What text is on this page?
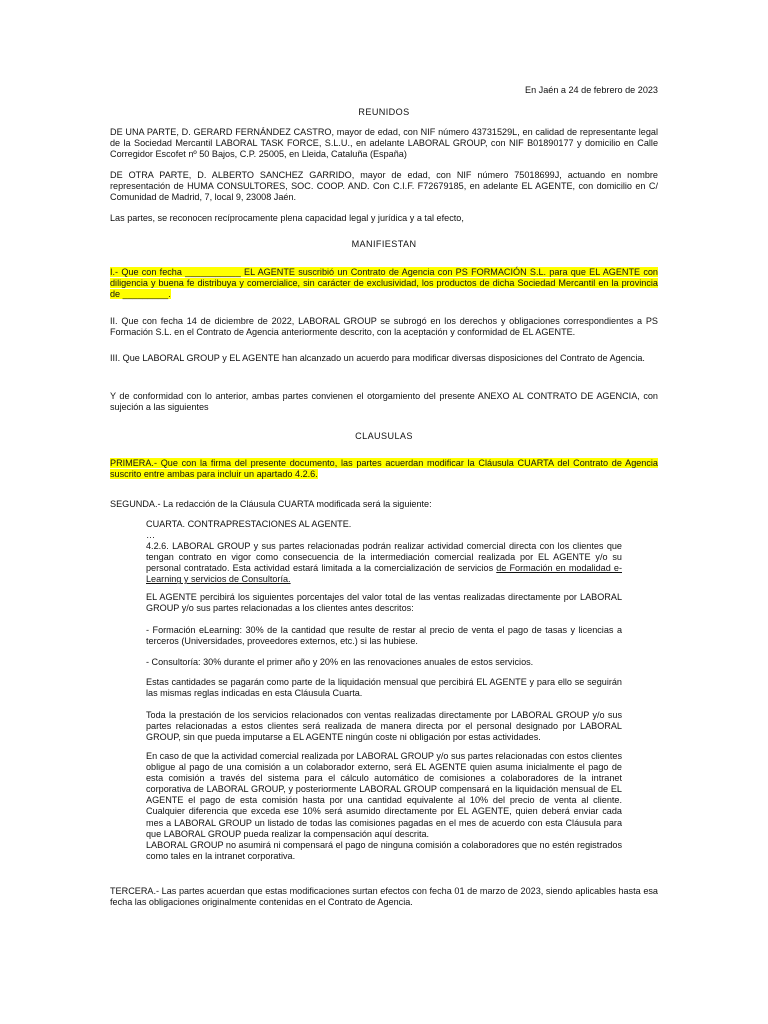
En Jaén a 24 de febrero de 2023

REUNIDOS

DE UNA PARTE, D. GERARD FERNÁNDEZ CASTRO, mayor de edad, con NIF número 43731529L, en calidad de representante legal de la Sociedad Mercantil LABORAL TASK FORCE, S.L.U., en adelante LABORAL GROUP, con NIF B01890177 y domicilio en Calle Corregidor Escofet nº 50 Bajos, C.P. 25005, en Lleida, Cataluña (España)

DE OTRA PARTE, D. ALBERTO SANCHEZ GARRIDO, mayor de edad, con NIF número 75018699J, actuando en nombre representación de HUMA CONSULTORES, SOC. COOP. AND. Con C.I.F. F72679185, en adelante EL AGENTE, con domicilio en C/ Comunidad de Madrid, 7, local 9, 23008 Jaén.

Las partes, se reconocen recíprocamente plena capacidad legal y jurídica y a tal efecto,

MANIFIESTAN

I.- Que con fecha ___________ EL AGENTE suscribió un Contrato de Agencia con PS FORMACIÓN S.L. para que EL AGENTE con diligencia y buena fe distribuya y comercialice, sin carácter de exclusividad, los productos de dicha Sociedad Mercantil en la provincia de _________.

II. Que con fecha 14 de diciembre de 2022, LABORAL GROUP se subrogó en los derechos y obligaciones correspondientes a PS Formación S.L. en el Contrato de Agencia anteriormente descrito, con la aceptación y conformidad de EL AGENTE.

III. Que LABORAL GROUP y EL AGENTE han alcanzado un acuerdo para modificar diversas disposiciones del Contrato de Agencia.

Y de conformidad con lo anterior, ambas partes convienen el otorgamiento del presente ANEXO AL CONTRATO DE AGENCIA, con sujeción a las siguientes

CLAUSULAS

PRIMERA.- Que con la firma del presente documento, las partes acuerdan modificar la Cláusula CUARTA del Contrato de Agencia suscrito entre ambas para incluir un apartado 4.2.6.

SEGUNDA.- La redacción de la Cláusula CUARTA modificada será la siguiente:

CUARTA. CONTRAPRESTACIONES AL AGENTE.

…

4.2.6. LABORAL GROUP y sus partes relacionadas podrán realizar actividad comercial directa con los clientes que tengan contrato en vigor como consecuencia de la intermediación comercial realizada por EL AGENTE y/o su personal contratado. Esta actividad estará limitada a la comercialización de servicios de Formación en modalidad e-Learning y servicios de Consultoría.

EL AGENTE percibirá los siguientes porcentajes del valor total de las ventas realizadas directamente por LABORAL GROUP y/o sus partes relacionadas a los clientes antes descritos:

- Formación eLearning: 30% de la cantidad que resulte de restar al precio de venta el pago de tasas y licencias a terceros (Universidades, proveedores externos, etc.) si las hubiese.

- Consultoría: 30% durante el primer año y 20% en las renovaciones anuales de estos servicios.

Estas cantidades se pagarán como parte de la liquidación mensual que percibirá EL AGENTE y para ello se seguirán las mismas reglas indicadas en esta Cláusula Cuarta.

Toda la prestación de los servicios relacionados con ventas realizadas directamente por LABORAL GROUP y/o sus partes relacionadas a estos clientes será realizada de manera directa por el personal designado por LABORAL GROUP, sin que pueda imputarse a EL AGENTE ningún coste ni obligación por estas actividades.

En caso de que la actividad comercial realizada por LABORAL GROUP y/o sus partes relacionadas con estos clientes obligue al pago de una comisión a un colaborador externo, será EL AGENTE quien asuma inicialmente el pago de esta comisión a través del sistema para el cálculo automático de comisiones a colaboradores de la intranet corporativa de LABORAL GROUP, y posteriormente LABORAL GROUP compensará en la liquidación mensual de EL AGENTE el pago de esta comisión hasta por una cantidad equivalente al 10% del precio de venta al cliente. Cualquier diferencia que exceda ese 10% será asumido directamente por EL AGENTE, quien deberá enviar cada mes a LABORAL GROUP un listado de todas las comisiones pagadas en el mes de acuerdo con esta Cláusula para que LABORAL GROUP pueda realizar la compensación aquí descrita.
LABORAL GROUP no asumirá ni compensará el pago de ninguna comisión a colaboradores que no estén registrados como tales en la intranet corporativa.

TERCERA.- Las partes acuerdan que estas modificaciones surtan efectos con fecha 01 de marzo de 2023, siendo aplicables hasta esa fecha las obligaciones originalmente contenidas en el Contrato de Agencia.
